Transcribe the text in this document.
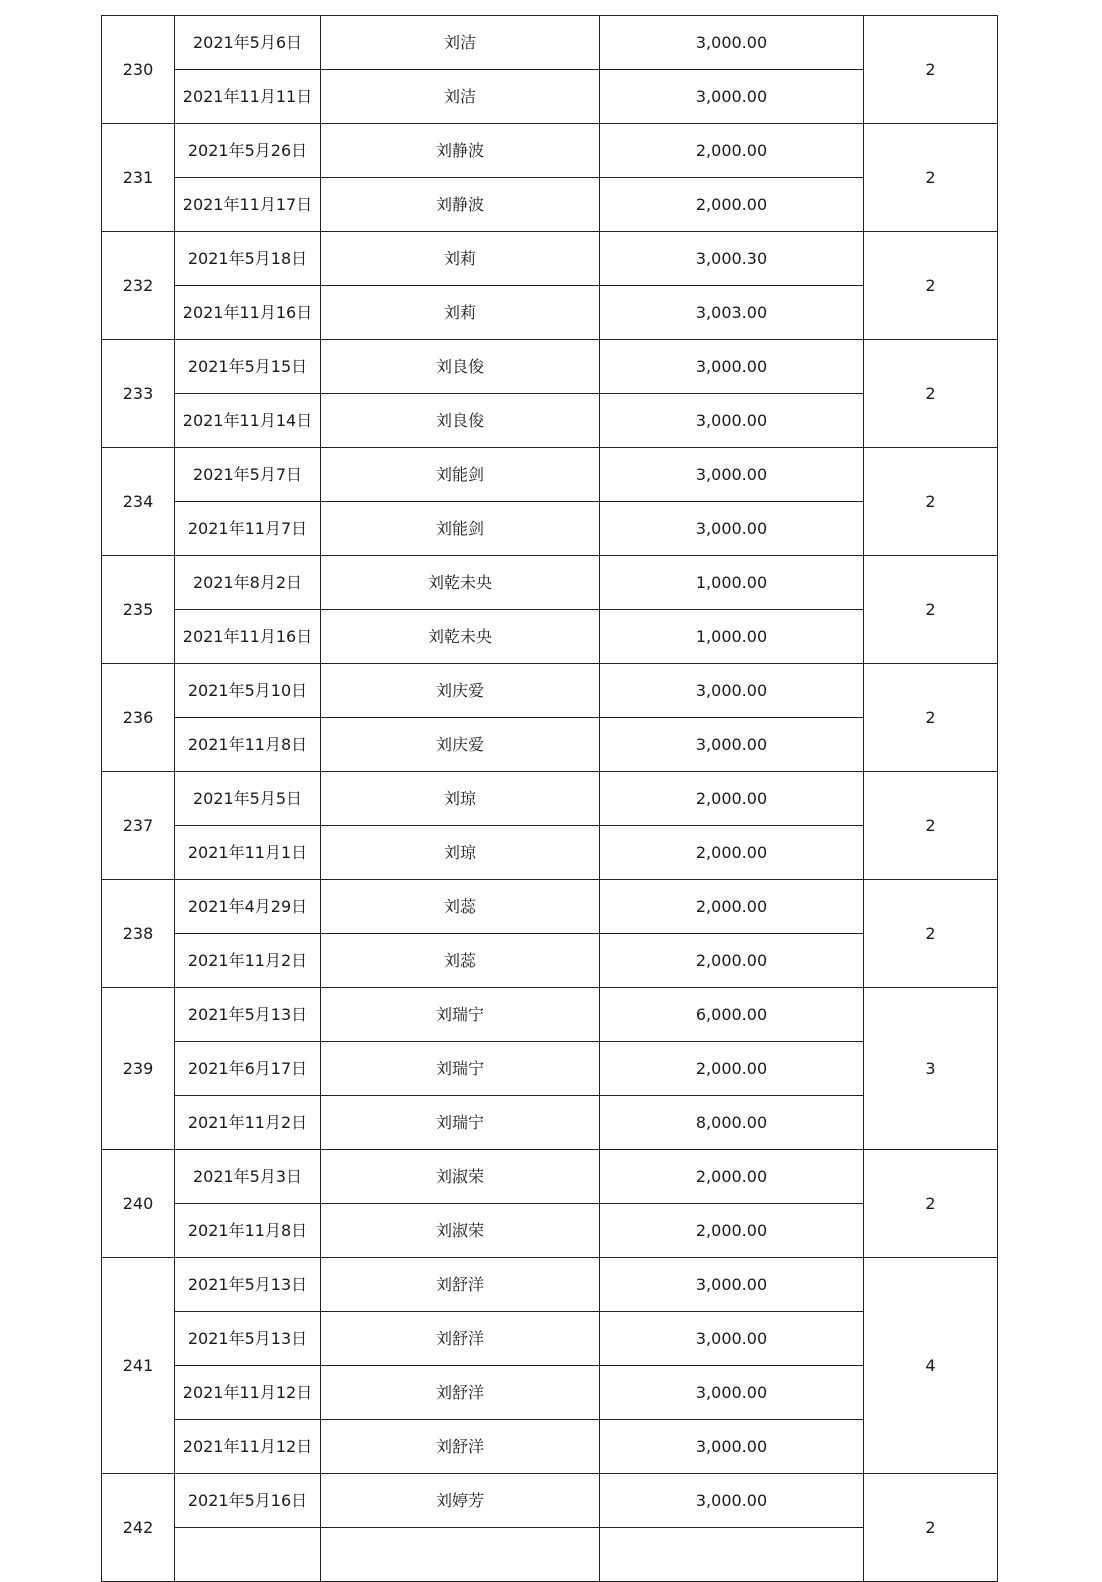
230	2021年5月6日	刘洁	3,000.00	2
	2021年11月11日	刘洁	3,000.00	
231	2021年5月26日	刘静波	2,000.00	2
	2021年11月17日	刘静波	2,000.00	
232	2021年5月18日	刘莉	3,000.30	2
	2021年11月16日	刘莉	3,003.00	
233	2021年5月15日	刘良俊	3,000.00	2
	2021年11月14日	刘良俊	3,000.00	
234	2021年5月7日	刘能剑	3,000.00	2
	2021年11月7日	刘能剑	3,000.00	
235	2021年8月2日	刘乾未央	1,000.00	2
	2021年11月16日	刘乾未央	1,000.00	
236	2021年5月10日	刘庆爱	3,000.00	2
	2021年11月8日	刘庆爱	3,000.00	
237	2021年5月5日	刘琼	2,000.00	2
	2021年11月1日	刘琼	2,000.00	
238	2021年4月29日	刘蕊	2,000.00	2
	2021年11月2日	刘蕊	2,000.00	
239	2021年5月13日	刘瑞宁	6,000.00	3
	2021年6月17日	刘瑞宁	2,000.00	
	2021年11月2日	刘瑞宁	8,000.00	
240	2021年5月3日	刘淑荣	2,000.00	2
	2021年11月8日	刘淑荣	2,000.00	
241	2021年5月13日	刘舒洋	3,000.00	4
	2021年5月13日	刘舒洋	3,000.00	
	2021年11月12日	刘舒洋	3,000.00	
	2021年11月12日	刘舒洋	3,000.00	
242	2021年5月16日	刘婷芳	3,000.00	2
